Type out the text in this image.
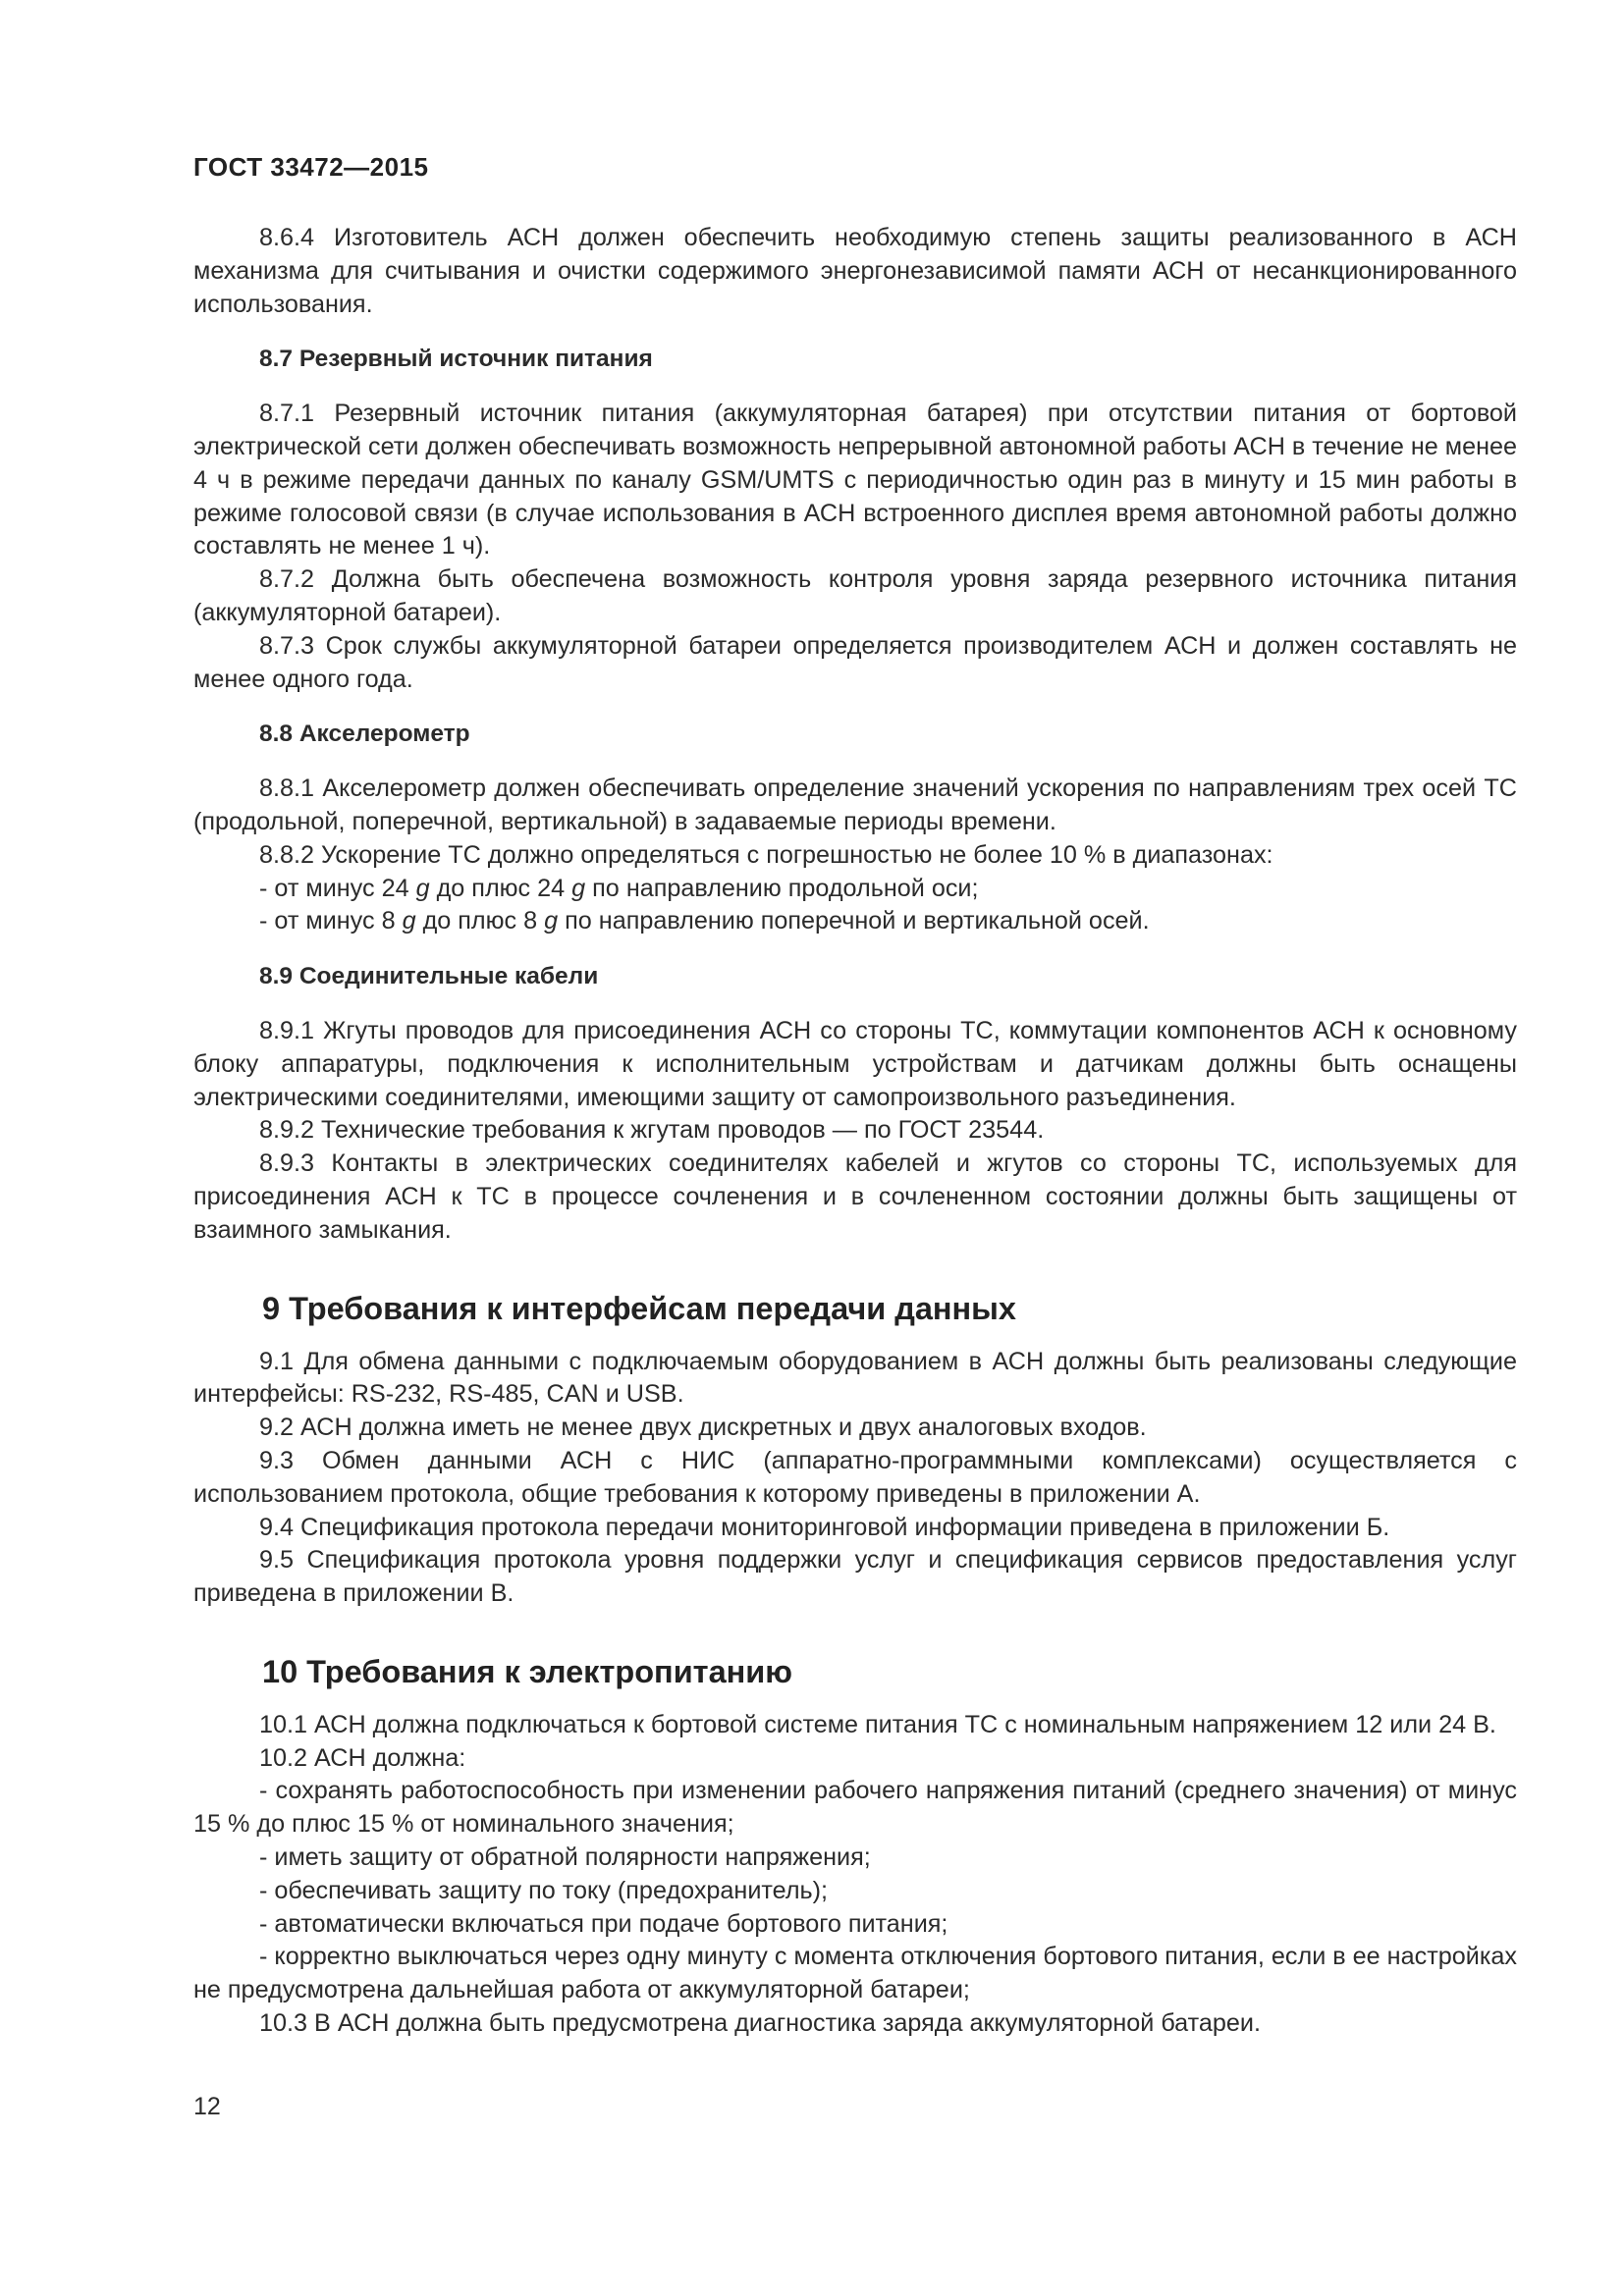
ГОСТ 33472—2015

8.6.4 Изготовитель АСН должен обеспечить необходимую степень защиты реализованного в АСН механизма для считывания и очистки содержимого энергонезависимой памяти АСН от несанкционированного использования.

8.7 Резервный источник питания

8.7.1 Резервный источник питания (аккумуляторная батарея) при отсутствии питания от бортовой электрической сети должен обеспечивать возможность непрерывной автономной работы АСН в течение не менее 4 ч в режиме передачи данных по каналу GSM/UMTS с периодичностью один раз в минуту и 15 мин работы в режиме голосовой связи (в случае использования в АСН встроенного дисплея время автономной работы должно составлять не менее 1 ч).

8.7.2 Должна быть обеспечена возможность контроля уровня заряда резервного источника питания (аккумуляторной батареи).

8.7.3 Срок службы аккумуляторной батареи определяется производителем АСН и должен составлять не менее одного года.

8.8 Акселерометр

8.8.1 Акселерометр должен обеспечивать определение значений ускорения по направлениям трех осей ТС (продольной, поперечной, вертикальной) в задаваемые периоды времени.

8.8.2 Ускорение ТС должно определяться с погрешностью не более 10 % в диапазонах:

- от минус 24 g до плюс 24 g по направлению продольной оси;

- от минус 8 g до плюс 8 g по направлению поперечной и вертикальной осей.

8.9 Соединительные кабели

8.9.1 Жгуты проводов для присоединения АСН со стороны ТС, коммутации компонентов АСН к основному блоку аппаратуры, подключения к исполнительным устройствам и датчикам должны быть оснащены электрическими соединителями, имеющими защиту от самопроизвольного разъединения.

8.9.2 Технические требования к жгутам проводов — по ГОСТ 23544.

8.9.3 Контакты в электрических соединителях кабелей и жгутов со стороны ТС, используемых для присоединения АСН к ТС в процессе сочленения и в сочлененном состоянии должны быть защищены от взаимного замыкания.

9 Требования к интерфейсам передачи данных

9.1 Для обмена данными с подключаемым оборудованием в АСН должны быть реализованы следующие интерфейсы: RS-232, RS-485, CAN и USB.

9.2 АСН должна иметь не менее двух дискретных и двух аналоговых входов.

9.3 Обмен данными АСН с НИС (аппаратно-программными комплексами) осуществляется с использованием протокола, общие требования к которому приведены в приложении А.

9.4 Спецификация протокола передачи мониторинговой информации приведена в приложении Б.

9.5 Спецификация протокола уровня поддержки услуг и спецификация сервисов предоставления услуг приведена в приложении В.

10 Требования к электропитанию

10.1 АСН должна подключаться к бортовой системе питания ТС с номинальным напряжением 12 или 24 В.

10.2 АСН должна:

- сохранять работоспособность при изменении рабочего напряжения питаний (среднего значения) от минус 15 % до плюс 15 % от номинального значения;

- иметь защиту от обратной полярности напряжения;

- обеспечивать защиту по току (предохранитель);

- автоматически включаться при подаче бортового питания;

- корректно выключаться через одну минуту с момента отключения бортового питания, если в ее настройках не предусмотрена дальнейшая работа от аккумуляторной батареи;

10.3 В АСН должна быть предусмотрена диагностика заряда аккумуляторной батареи.

12
